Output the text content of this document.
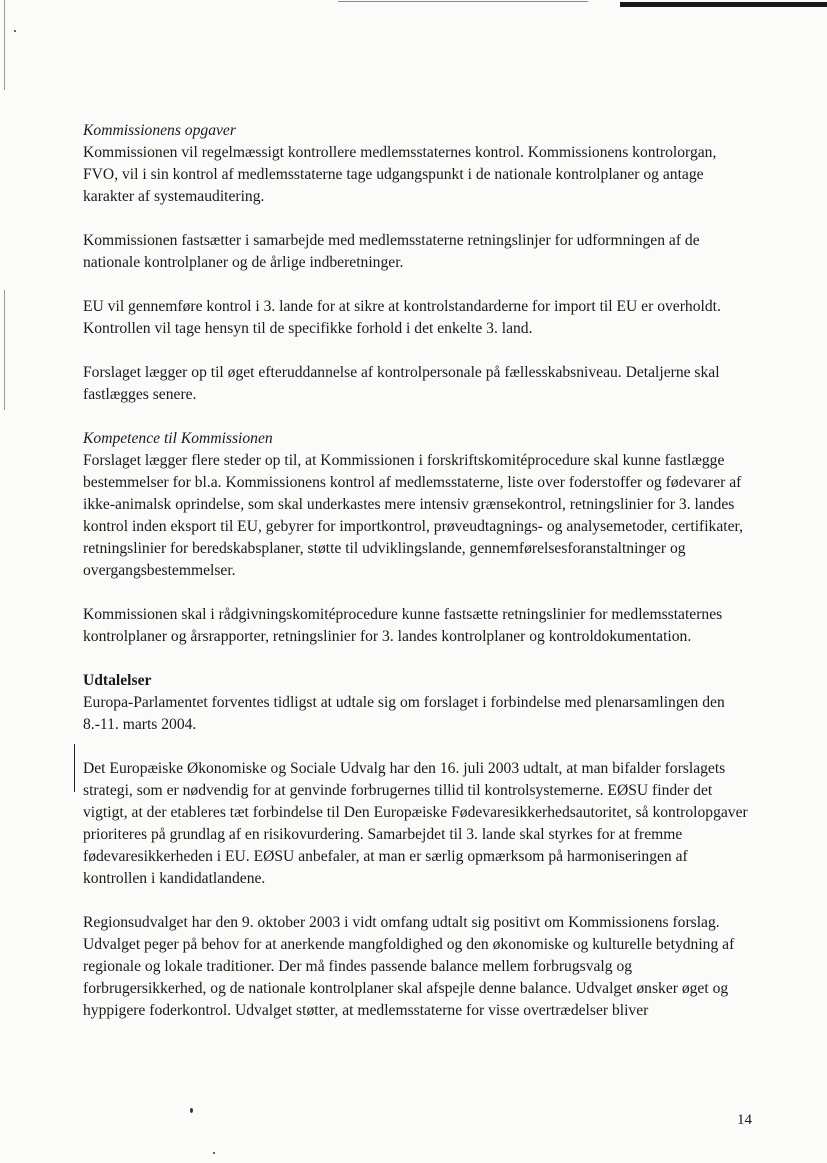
Kommissionens opgaver

Kommissionen vil regelmæssigt kontrollere medlemsstaternes kontrol. Kommissionens kontrolorgan, FVO, vil i sin kontrol af medlemsstaterne tage udgangspunkt i de nationale kontrolplaner og antage karakter af systemauditering.

Kommissionen fastsætter i samarbejde med medlemsstaterne retningslinjer for udformningen af de nationale kontrolplaner og de årlige indberetninger.

EU vil gennemføre kontrol i 3. lande for at sikre at kontrolstandarderne for import til EU er overholdt. Kontrollen vil tage hensyn til de specifikke forhold i det enkelte 3. land.

Forslaget lægger op til øget efteruddannelse af kontrolpersonale på fællesskabsniveau. Detaljerne skal fastlægges senere.

Kompetence til Kommissionen

Forslaget lægger flere steder op til, at Kommissionen i forskriftskomitéprocedure skal kunne fastlægge bestemmelser for bl.a. Kommissionens kontrol af medlemsstaterne, liste over foderstoffer og fødevarer af ikke-animalsk oprindelse, som skal underkastes mere intensiv grænsekontrol, retningslinier for 3. landes kontrol inden eksport til EU, gebyrer for importkontrol, prøveudtagnings- og analysemetoder, certifikater, retningslinier for beredskabsplaner, støtte til udviklingslande, gennemførelsesforanstaltninger og overgangsbestemmelser.

Kommissionen skal i rådgivningskomitéprocedure kunne fastsætte retningslinier for medlemsstaternes kontrolplaner og årsrapporter, retningslinier for 3. landes kontrolplaner og kontroldokumentation.

Udtalelser

Europa-Parlamentet forventes tidligst at udtale sig om forslaget i forbindelse med plenarsamlingen den 8.-11. marts 2004.

Det Europæiske Økonomiske og Sociale Udvalg har den 16. juli 2003 udtalt, at man bifalder forslagets strategi, som er nødvendig for at genvinde forbrugernes tillid til kontrolsystemerne. EØSU finder det vigtigt, at der etableres tæt forbindelse til Den Europæiske Fødevaresikkerhedsautoritet, så kontrolopgaver prioriteres på grundlag af en risikovurdering. Samarbejdet til 3. lande skal styrkes for at fremme fødevaresikkerheden i EU. EØSU anbefaler, at man er særlig opmærksom på harmoniseringen af kontrollen i kandidatlandene.

Regionsudvalget har den 9. oktober 2003 i vidt omfang udtalt sig positivt om Kommissionens forslag. Udvalget peger på behov for at anerkende mangfoldighed og den økonomiske og kulturelle betydning af regionale og lokale traditioner. Der må findes passende balance mellem forbrugsvalg og forbrugersikkerhed, og de nationale kontrolplaner skal afspejle denne balance. Udvalget ønsker øget og hyppigere foderkontrol. Udvalget støtter, at medlemsstaterne for visse overtrædelser bliver

14
